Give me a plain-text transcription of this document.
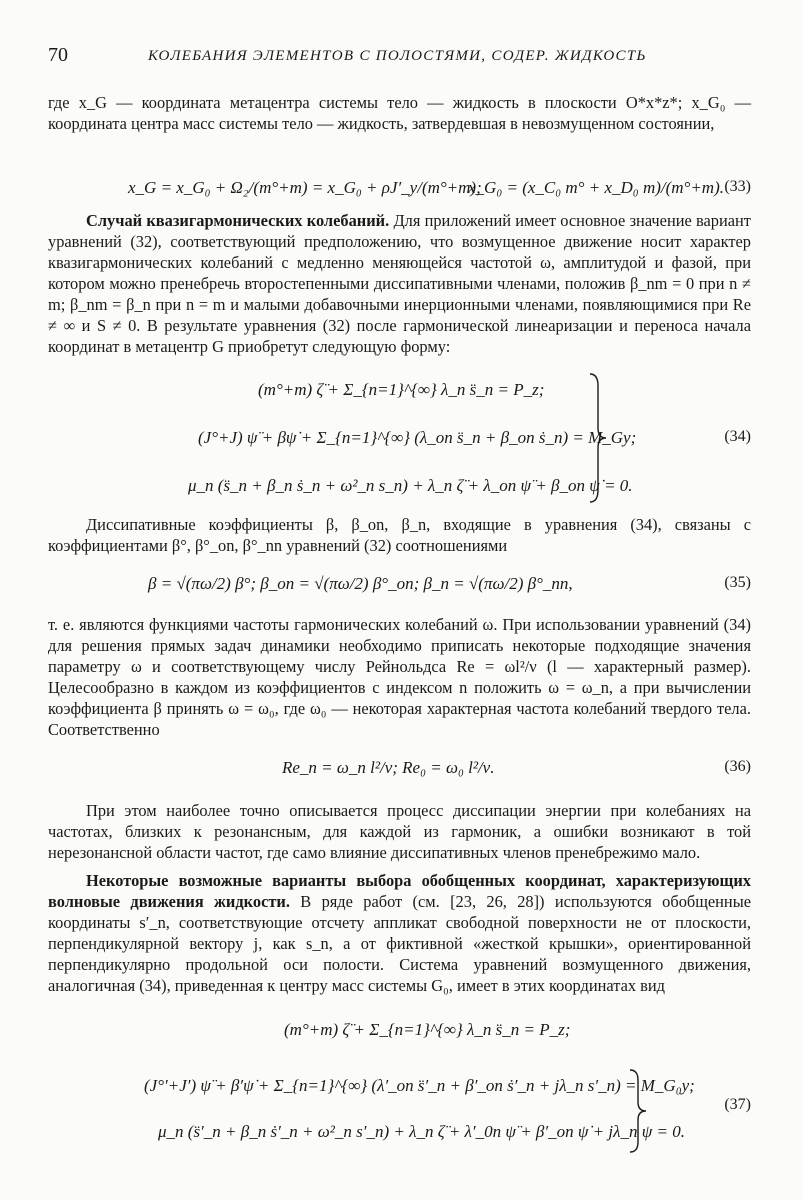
70	КОЛЕБАНИЯ ЭЛЕМЕНТОВ С ПОЛОСТЯМИ, СОДЕР. ЖИДКОСТЬ

где x_G — координата метацентра системы тело — жидкость в плоскости O*x*z*; x_G₀ — координата центра масс системы тело — жидкость, затвердевшая в невозмущенном состоянии,

x_G = x_G₀ + Ω₂/(m°+m) = x_G₀ + ρJ′_y/(m°+m);
x_G₀ = (x_C₀ m° + x_D₀ m)/(m°+m). (33)

Случай квазигармонических колебаний. Для приложений имеет основное значение вариант уравнений (32), соответствующий предположению, что возмущенное движение носит характер квазигармонических колебаний с медленно меняющейся частотой ω, амплитудой и фазой, при котором можно пренебречь второстепенными диссипативными членами, положив β_nm = 0 при n ≠ m; β_nm = β_n при n = m и малыми добавочными инерционными членами, появляющимися при Re ≠ ∞ и S ≠ 0. В результате уравнения (32) после гармонической линеаризации и переноса начала координат в метацентр G приобретут следующую форму:

(m°+m) ζ̈ + Σ_{n=1}^{∞} λ_n s̈_n = P_z;
(J°+J) ψ̈ + βψ̇ + Σ_{n=1}^{∞} (λ_on s̈_n + β_on ṡ_n) = M_Gy;
μ_n (s̈_n + β_n ṡ_n + ω²_n s_n) + λ_n ζ̈ + λ_on ψ̈ + β_on ψ̇ = 0.
(34)

Диссипативные коэффициенты β, β_on, β_n, входящие в уравнения (34), связаны с коэффициентами β°, β°_on, β°_nn уравнений (32) соотношениями

β = √(πω/2) β°; β_on = √(πω/2) β°_on; β_n = √(πω/2) β°_nn,	(35)

т. е. являются функциями частоты гармонических колебаний ω. При использовании уравнений (34) для решения прямых задач динамики необходимо приписать некоторые подходящие значения параметру ω и соответствующему числу Рейнольдса Re = ωl²/ν (l — характерный размер). Целесообразно в каждом из коэффициентов с индексом n положить ω = ω_n, а при вычислении коэффициента β принять ω = ω₀, где ω₀ — некоторая характерная частота колебаний твердого тела. Соответственно

Re_n = ω_n l²/ν; Re₀ = ω₀ l²/ν.	(36)

При этом наиболее точно описывается процесс диссипации энергии при колебаниях на частотах, близких к резонансным, для каждой из гармоник, а ошибки возникают в той нерезонансной области частот, где само влияние диссипативных членов пренебрежимо мало.

Некоторые возможные варианты выбора обобщенных координат, характеризующих волновые движения жидкости. В ряде работ (см. [23, 26, 28]) используются обобщенные координаты s′_n, соответствующие отсчету аппликат свободной поверхности не от плоскости, перпендикулярной вектору j, как s_n, а от фиктивной «жесткой крышки», ориентированной перпендикулярно продольной оси полости. Система уравнений возмущенного движения, аналогичная (34), приведенная к центру масс системы G₀, имеет в этих координатах вид

(m°+m) ζ̈ + Σ_{n=1}^{∞} λ_n s̈_n = P_z;
(J°′+J′) ψ̈ + β′ψ̇ + Σ_{n=1}^{∞} (λ′_on s̈′_n + β′_on ṡ′_n + jλ_n s′_n) = M_G₀y;
μ_n (s̈′_n + β_n ṡ′_n + ω²_n s′_n) + λ_n ζ̈ + λ′_0n ψ̈ + β′_on ψ̇ + jλ_n ψ = 0.
(37)
